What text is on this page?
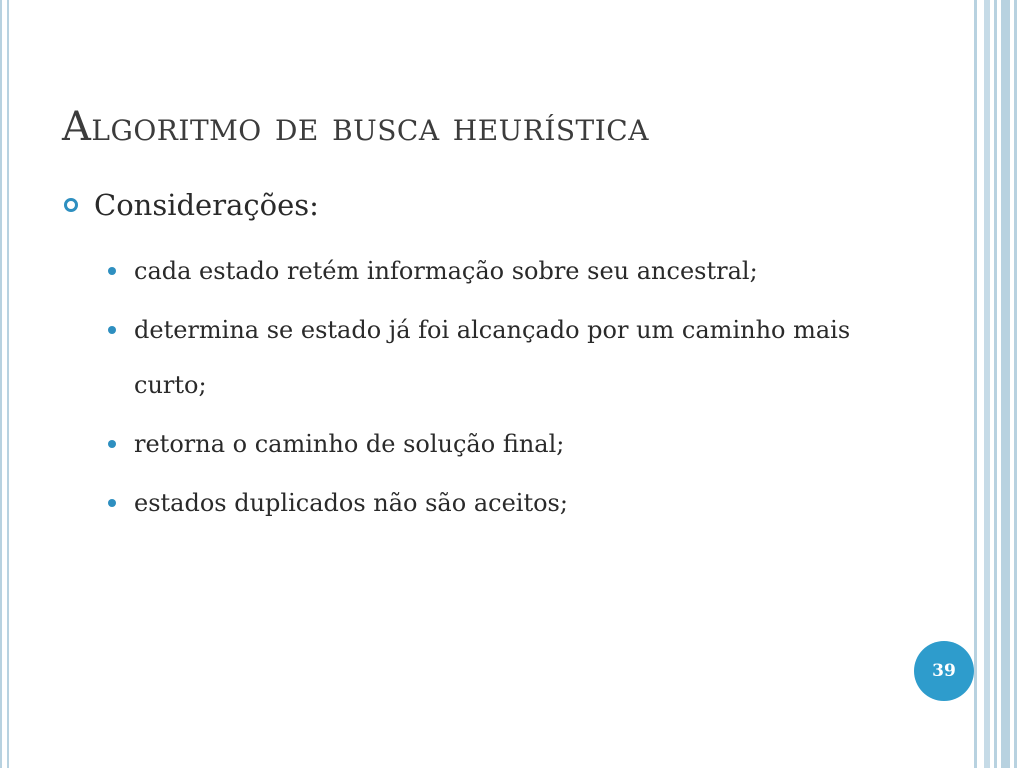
Algoritmo de busca heurística
Considerações:
cada estado retém informação sobre seu ancestral;
determina se estado já foi alcançado por um caminho mais curto;
retorna o caminho de solução final;
estados duplicados não são aceitos;
39
